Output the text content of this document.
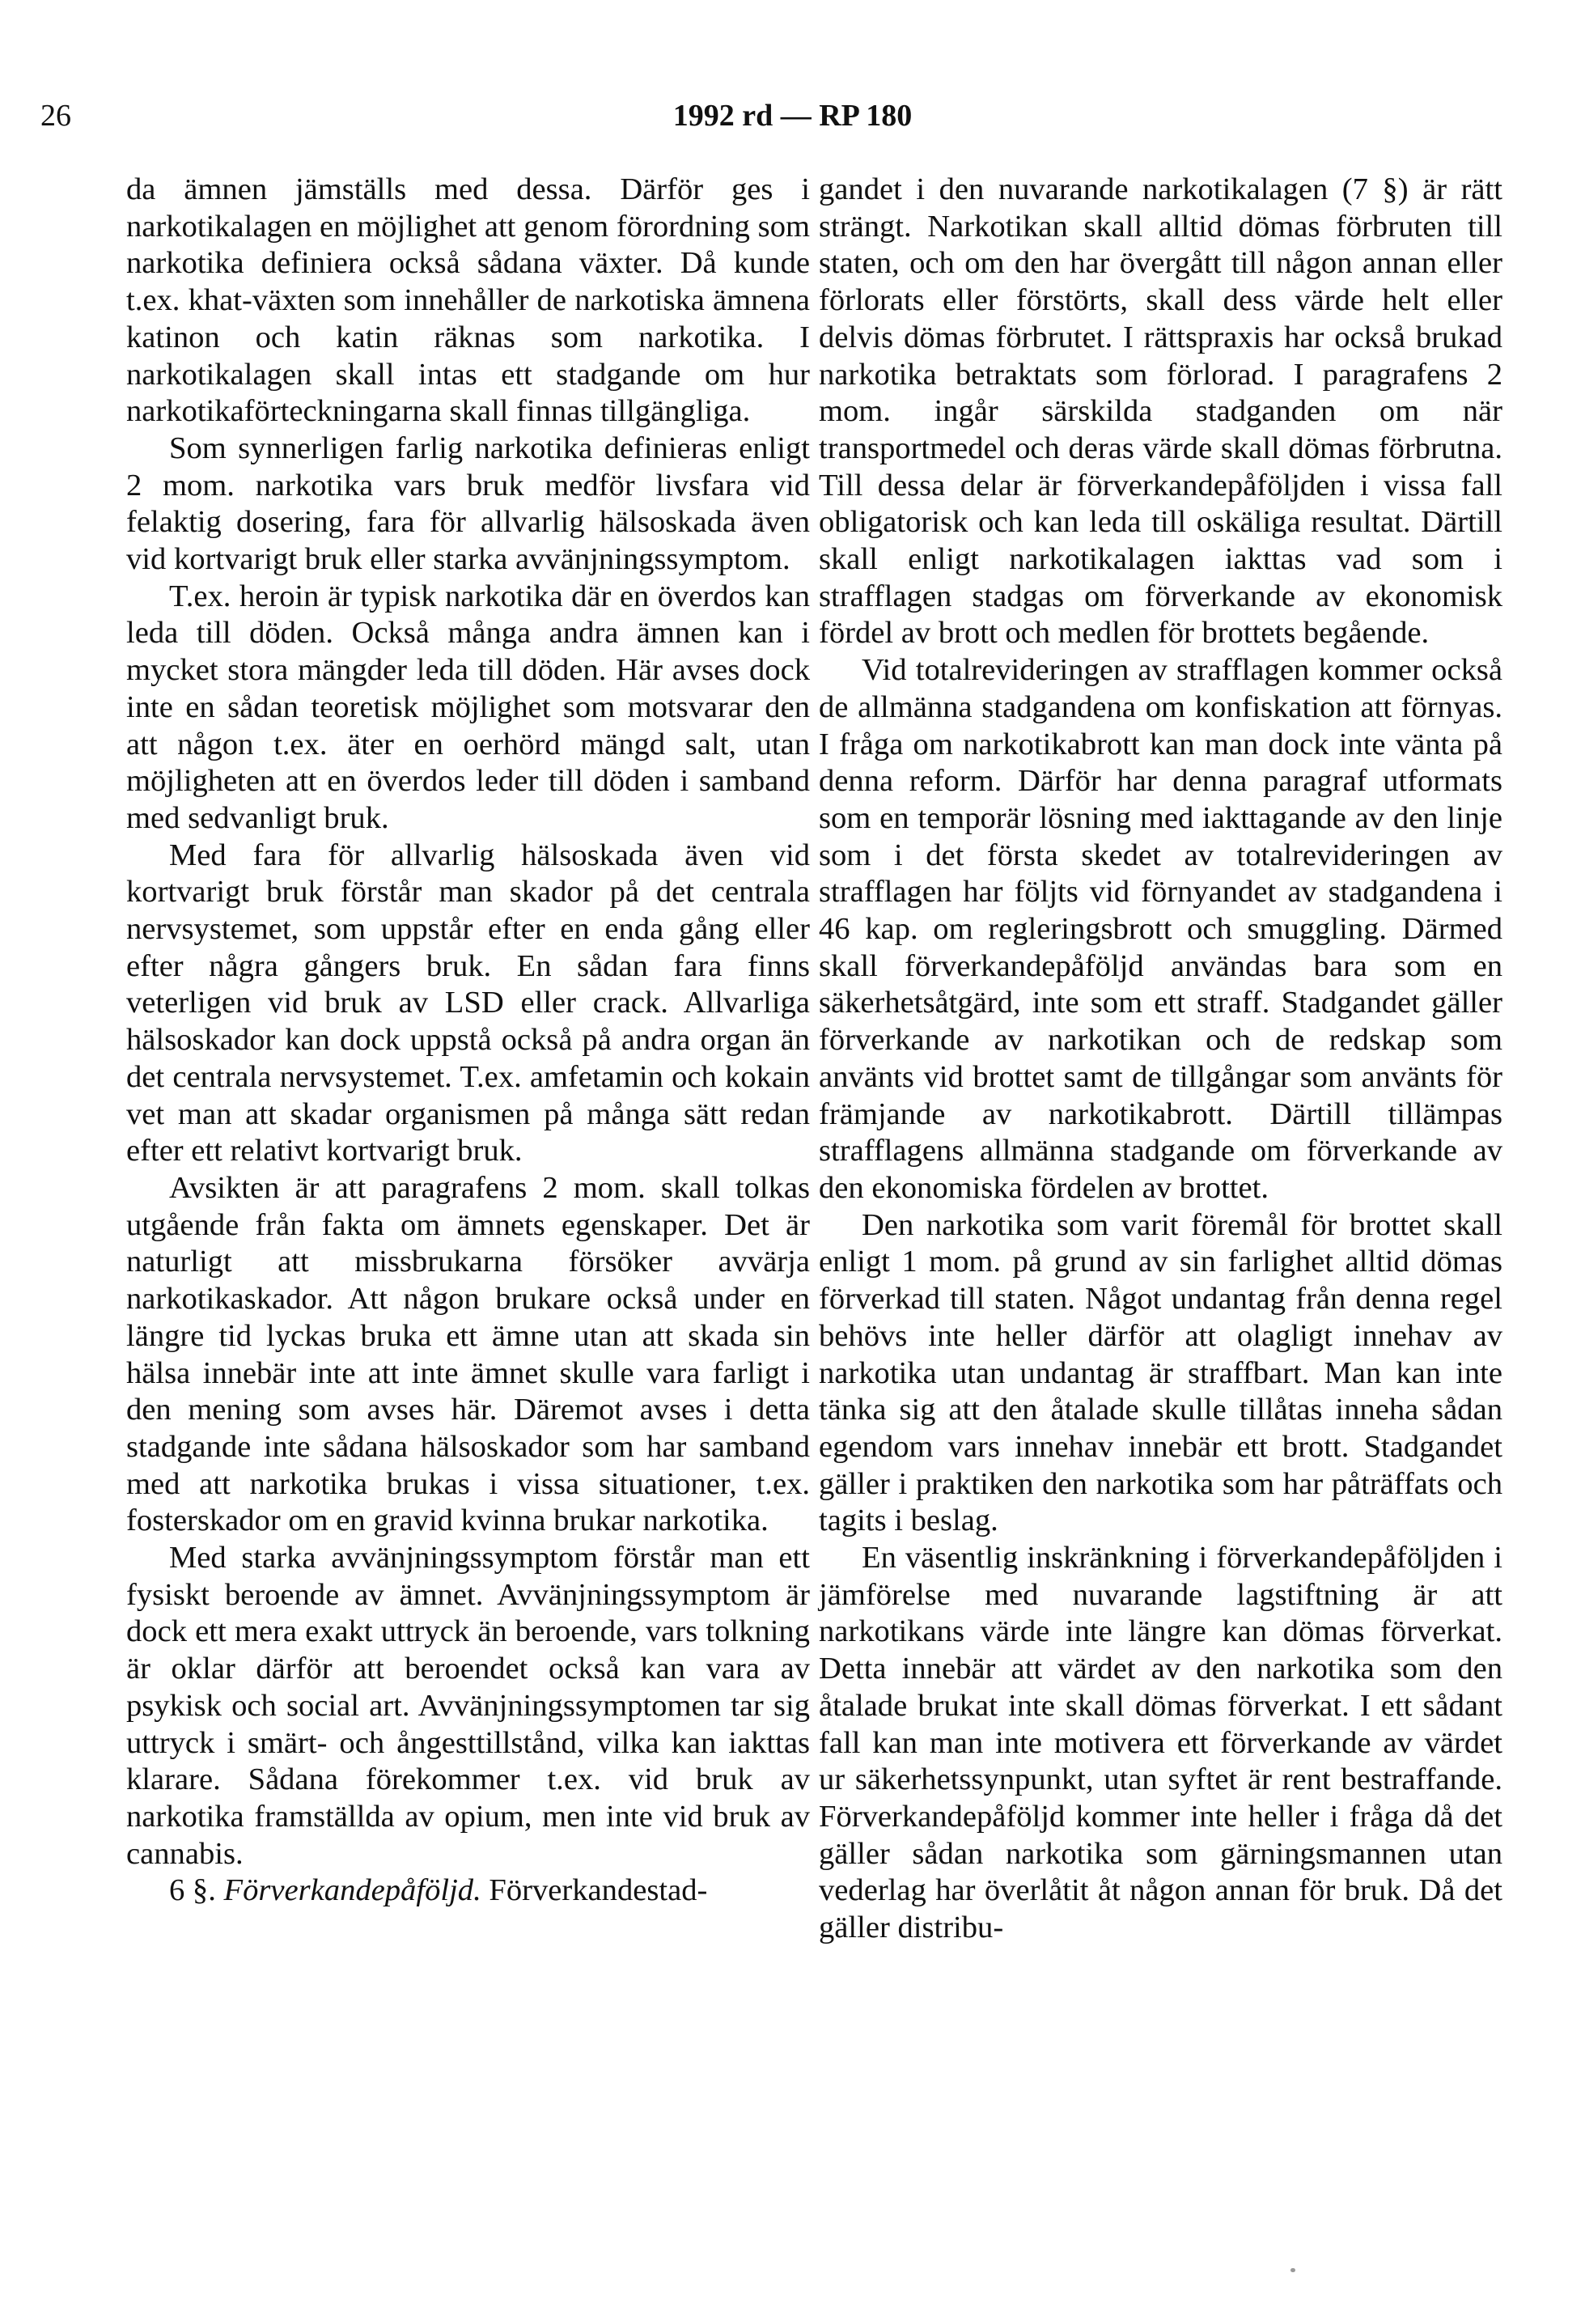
26	1992 rd — RP 180

da ämnen jämställs med dessa. Därför ges i narkotikalagen en möjlighet att genom förordning som narkotika definiera också sådana växter. Då kunde t.ex. khat-växten som innehåller de narkotiska ämnena katinon och katin räknas som narkotika. I narkotikalagen skall intas ett stadgande om hur narkotikaförteckningarna skall finnas tillgängliga.

Som synnerligen farlig narkotika definieras enligt 2 mom. narkotika vars bruk medför livsfara vid felaktig dosering, fara för allvarlig hälsoskada även vid kortvarigt bruk eller starka avvänjningssymptom.

T.ex. heroin är typisk narkotika där en överdos kan leda till döden. Också många andra ämnen kan i mycket stora mängder leda till döden. Här avses dock inte en sådan teoretisk möjlighet som motsvarar den att någon t.ex. äter en oerhörd mängd salt, utan möjligheten att en överdos leder till döden i samband med sedvanligt bruk.

Med fara för allvarlig hälsoskada även vid kortvarigt bruk förstår man skador på det centrala nervsystemet, som uppstår efter en enda gång eller efter några gångers bruk. En sådan fara finns veterligen vid bruk av LSD eller crack. Allvarliga hälsoskador kan dock uppstå också på andra organ än det centrala nervsystemet. T.ex. amfetamin och kokain vet man att skadar organismen på många sätt redan efter ett relativt kortvarigt bruk.

Avsikten är att paragrafens 2 mom. skall tolkas utgående från fakta om ämnets egenskaper. Det är naturligt att missbrukarna försöker avvärja narkotikaskador. Att någon brukare också under en längre tid lyckas bruka ett ämne utan att skada sin hälsa innebär inte att inte ämnet skulle vara farligt i den mening som avses här. Däremot avses i detta stadgande inte sådana hälsoskador som har samband med att narkotika brukas i vissa situationer, t.ex. fosterskador om en gravid kvinna brukar narkotika.

Med starka avvänjningssymptom förstår man ett fysiskt beroende av ämnet. Avvänjningssymptom är dock ett mera exakt uttryck än beroende, vars tolkning är oklar därför att beroendet också kan vara av psykisk och social art. Avvänjningssymptomen tar sig uttryck i smärt- och ångesttillstånd, vilka kan iakttas klarare. Sådana förekommer t.ex. vid bruk av narkotika framställda av opium, men inte vid bruk av cannabis.

6 §. Förverkandepåföljd. Förverkandestad-

gandet i den nuvarande narkotikalagen (7 §) är rätt strängt. Narkotikan skall alltid dömas förbruten till staten, och om den har övergått till någon annan eller förlorats eller förstörts, skall dess värde helt eller delvis dömas förbrutet. I rättspraxis har också brukad narkotika betraktats som förlorad. I paragrafens 2 mom. ingår särskilda stadganden om när transportmedel och deras värde skall dömas förbrutna. Till dessa delar är förverkandepåföljden i vissa fall obligatorisk och kan leda till oskäliga resultat. Därtill skall enligt narkotikalagen iakttas vad som i strafflagen stadgas om förverkande av ekonomisk fördel av brott och medlen för brottets begående.

Vid totalrevideringen av strafflagen kommer också de allmänna stadgandena om konfiskation att förnyas. I fråga om narkotikabrott kan man dock inte vänta på denna reform. Därför har denna paragraf utformats som en temporär lösning med iakttagande av den linje som i det första skedet av totalrevideringen av strafflagen har följts vid förnyandet av stadgandena i 46 kap. om regleringsbrott och smuggling. Därmed skall förverkandepåföljd användas bara som en säkerhetsåtgärd, inte som ett straff. Stadgandet gäller förverkande av narkotikan och de redskap som använts vid brottet samt de tillgångar som använts för främjande av narkotikabrott. Därtill tillämpas strafflagens allmänna stadgande om förverkande av den ekonomiska fördelen av brottet.

Den narkotika som varit föremål för brottet skall enligt 1 mom. på grund av sin farlighet alltid dömas förverkad till staten. Något undantag från denna regel behövs inte heller därför att olagligt innehav av narkotika utan undantag är straffbart. Man kan inte tänka sig att den åtalade skulle tillåtas inneha sådan egendom vars innehav innebär ett brott. Stadgandet gäller i praktiken den narkotika som har påträffats och tagits i beslag.

En väsentlig inskränkning i förverkandepåföljden i jämförelse med nuvarande lagstiftning är att narkotikans värde inte längre kan dömas förverkat. Detta innebär att värdet av den narkotika som den åtalade brukat inte skall dömas förverkat. I ett sådant fall kan man inte motivera ett förverkande av värdet ur säkerhetssynpunkt, utan syftet är rent bestraffande. Förverkandepåföljd kommer inte heller i fråga då det gäller sådan narkotika som gärningsmannen utan vederlag har överlåtit åt någon annan för bruk. Då det gäller distribu-
